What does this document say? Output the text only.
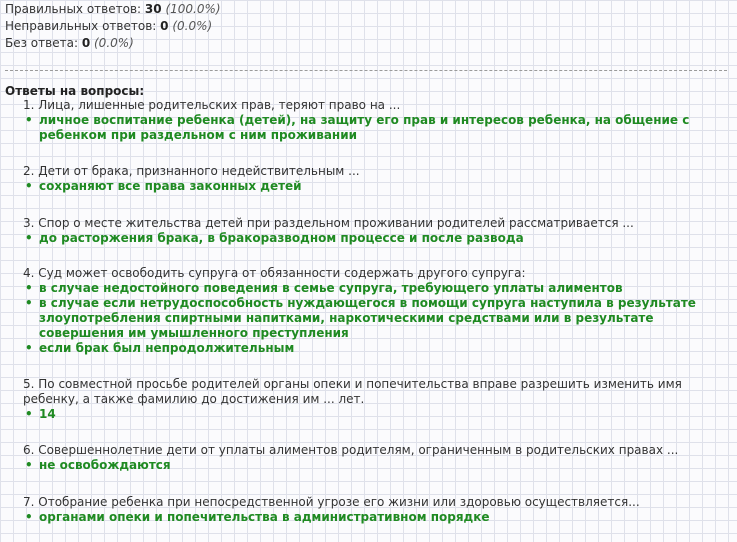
Правильных ответов: 30 (100.0%)
Неправильных ответов: 0 (0.0%)
Без ответа: 0 (0.0%)
Ответы на вопросы:
1. Лица, лишенные родительских прав, теряют право на ...
• личное воспитание ребенка (детей), на защиту его прав и интересов ребенка, на общение с ребенком при раздельном с ним проживании
2. Дети от брака, признанного недействительным ...
• сохраняют все права законных детей
3. Спор о месте жительства детей при раздельном проживании родителей рассматривается ...
• до расторжения брака, в бракоразводном процессе и после развода
4. Суд может освободить супруга от обязанности содержать другого супруга:
• в случае недостойного поведения в семье супруга, требующего уплаты алиментов
• в случае если нетрудоспособность нуждающегося в помощи супруга наступила в результате злоупотребления спиртными напитками, наркотическими средствами или в результате совершения им умышленного преступления
• если брак был непродолжительным
5. По совместной просьбе родителей органы опеки и попечительства вправе разрешить изменить имя ребенку, а также фамилию до достижения им ... лет.
• 14
6. Совершеннолетние дети от уплаты алиментов родителям, ограниченным в родительских правах ...
• не освобождаются
7. Отобрание ребенка при непосредственной угрозе его жизни или здоровью осуществляется...
• органами опеки и попечительства в административном порядке
